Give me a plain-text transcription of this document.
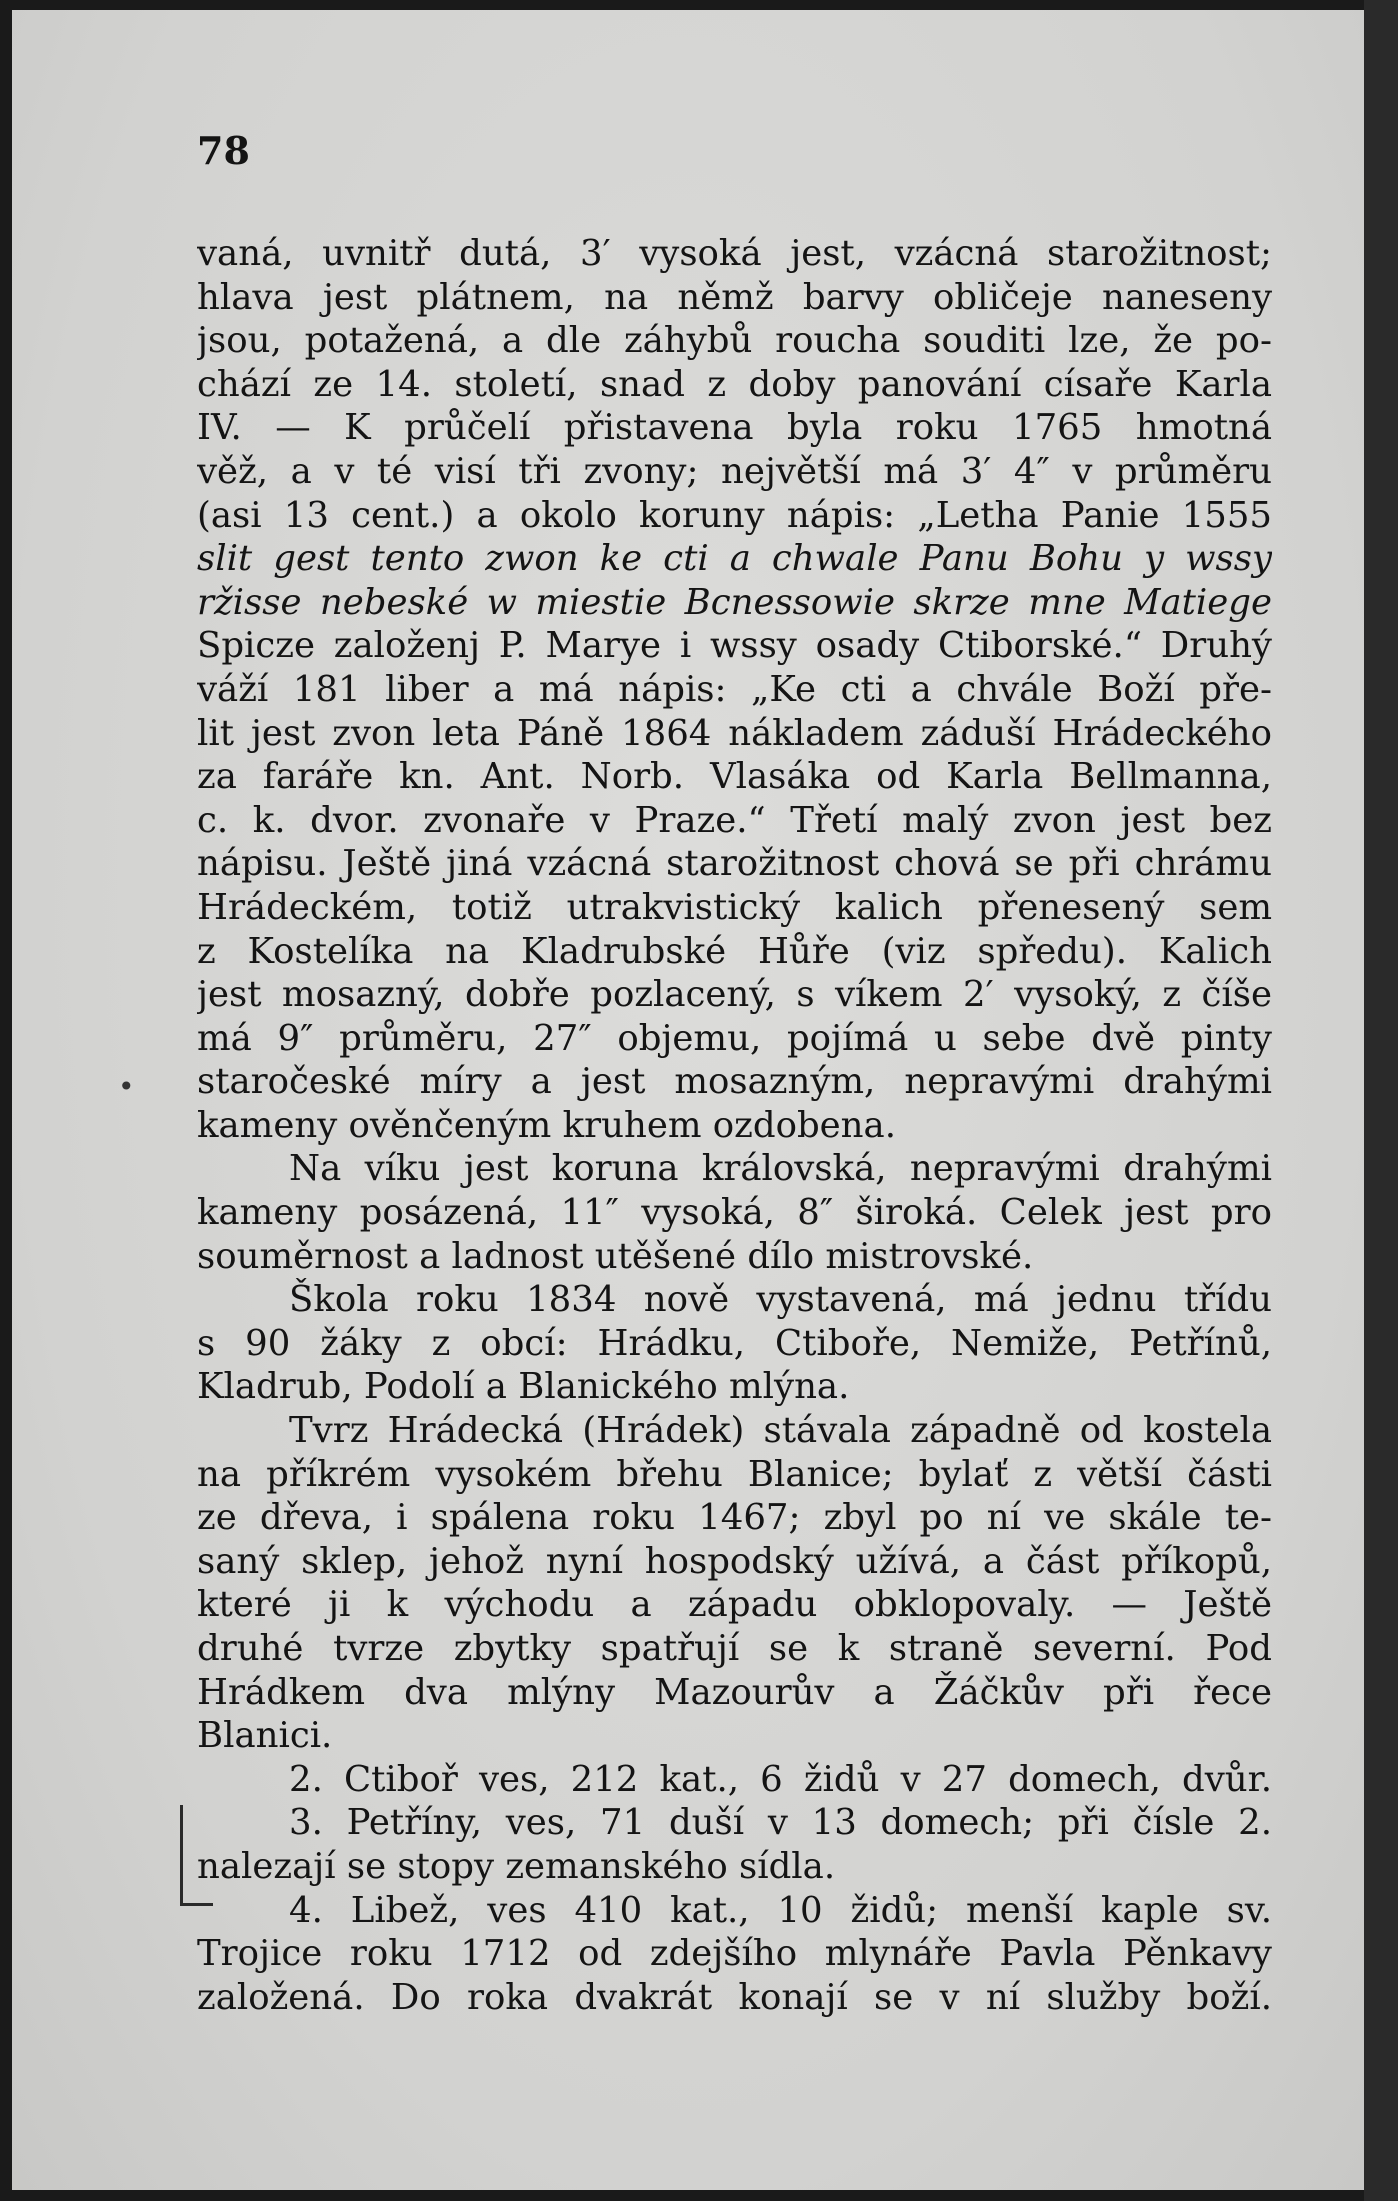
78
vaná, uvnitř dutá, 3′ vysoká jest, vzácná starožitnost;
hlava jest plátnem, na němž barvy obličeje naneseny
jsou, potažená, a dle záhybů roucha souditi lze, že po-
chází ze 14. století, snad z doby panování císaře Karla
IV. — K průčelí přistavena byla roku 1765 hmotná
věž, a v té visí tři zvony; největší má 3′ 4″ v průměru
(asi 13 cent.) a okolo koruny nápis: „Letha Panie 1555
slit gest tento zwon ke cti a chwale Panu Bohu y wssy
ržisse nebeské w miestie Bcnessowie skrze mne Matiege
Spicze založenj P. Marye i wssy osady Ctiborské.“ Druhý
váží 181 liber a má nápis: „Ke cti a chvále Boží pře-
lit jest zvon leta Páně 1864 nákladem záduší Hrádeckého
za faráře kn. Ant. Norb. Vlasáka od Karla Bellmanna,
c. k. dvor. zvonaře v Praze.“ Třetí malý zvon jest bez
nápisu. Ještě jiná vzácná starožitnost chová se při chrámu
Hrádeckém, totiž utrakvistický kalich přenesený sem
z Kostelíka na Kladrubské Hůře (viz spředu). Kalich
jest mosazný, dobře pozlacený, s víkem 2′ vysoký, z číše
má 9″ průměru, 27″ objemu, pojímá u sebe dvě pinty
staročeské míry a jest mosazným, nepravými drahými
kameny ověnčeným kruhem ozdobena.
Na víku jest koruna královská, nepravými drahými
kameny posázená, 11″ vysoká, 8″ široká. Celek jest pro
souměrnost a ladnost utěšené dílo mistrovské.
Škola roku 1834 nově vystavená, má jednu třídu
s 90 žáky z obcí: Hrádku, Ctiboře, Nemiže, Petřínů,
Kladrub, Podolí a Blanického mlýna.
Tvrz Hrádecká (Hrádek) stávala západně od kostela
na příkrém vysokém břehu Blanice; bylať z větší části
ze dřeva, i spálena roku 1467; zbyl po ní ve skále te-
saný sklep, jehož nyní hospodský užívá, a část příkopů,
které ji k východu a západu obklopovaly. — Ještě
druhé tvrze zbytky spatřují se k straně severní. Pod
Hrádkem dva mlýny Mazourův a Žáčkův při řece
Blanici.
2. Ctiboř ves, 212 kat., 6 židů v 27 domech, dvůr.
3. Petříny, ves, 71 duší v 13 domech; při čísle 2.
nalezají se stopy zemanského sídla.
4. Libež, ves 410 kat., 10 židů; menší kaple sv.
Trojice roku 1712 od zdejšího mlynáře Pavla Pěnkavy
založená. Do roka dvakrát konají se v ní služby boží.
•
